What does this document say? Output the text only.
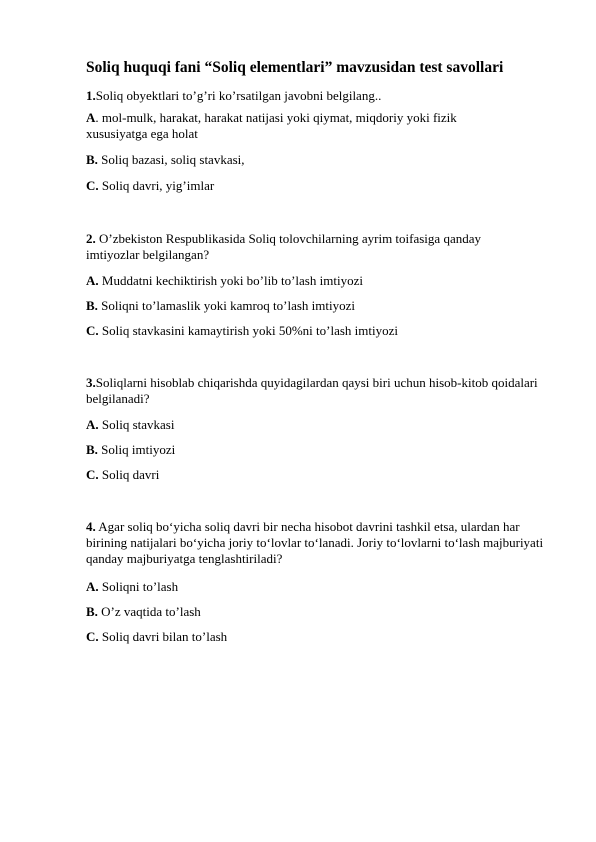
Soliq huquqi fani “Soliq elementlari” mavzusidan test savollari
1.Soliq obyektlari to’g’ri ko’rsatilgan javobni belgilang..
A. mol-mulk, harakat, harakat natijasi yoki qiymat, miqdoriy yoki fizik xususiyatga ega holat
B. Soliq bazasi, soliq stavkasi,
C. Soliq davri, yig’imlar
2. O’zbekiston Respublikasida Soliq tolovchilarning ayrim toifasiga qanday imtiyozlar belgilangan?
A. Muddatni kechiktirish yoki bo’lib to’lash imtiyozi
B. Soliqni to’lamaslik yoki kamroq to’lash imtiyozi
C. Soliq stavkasini kamaytirish yoki 50%ni to’lash imtiyozi
3.Soliqlarni hisoblab chiqarishda quyidagilardan qaysi biri uchun hisob-kitob qoidalari belgilanadi?
A. Soliq stavkasi
B. Soliq imtiyozi
C. Soliq davri
4. Agar soliq bo‘yicha soliq davri bir necha hisobot davrini tashkil etsa, ulardan har birining natijalari bo‘yicha joriy to‘lovlar to‘lanadi. Joriy to‘lovlarni to‘lash majburiyati qanday majburiyatga tenglashtiriladi?
A. Soliqni to’lash
B. O’z vaqtida to’lash
C. Soliq davri bilan to’lash
